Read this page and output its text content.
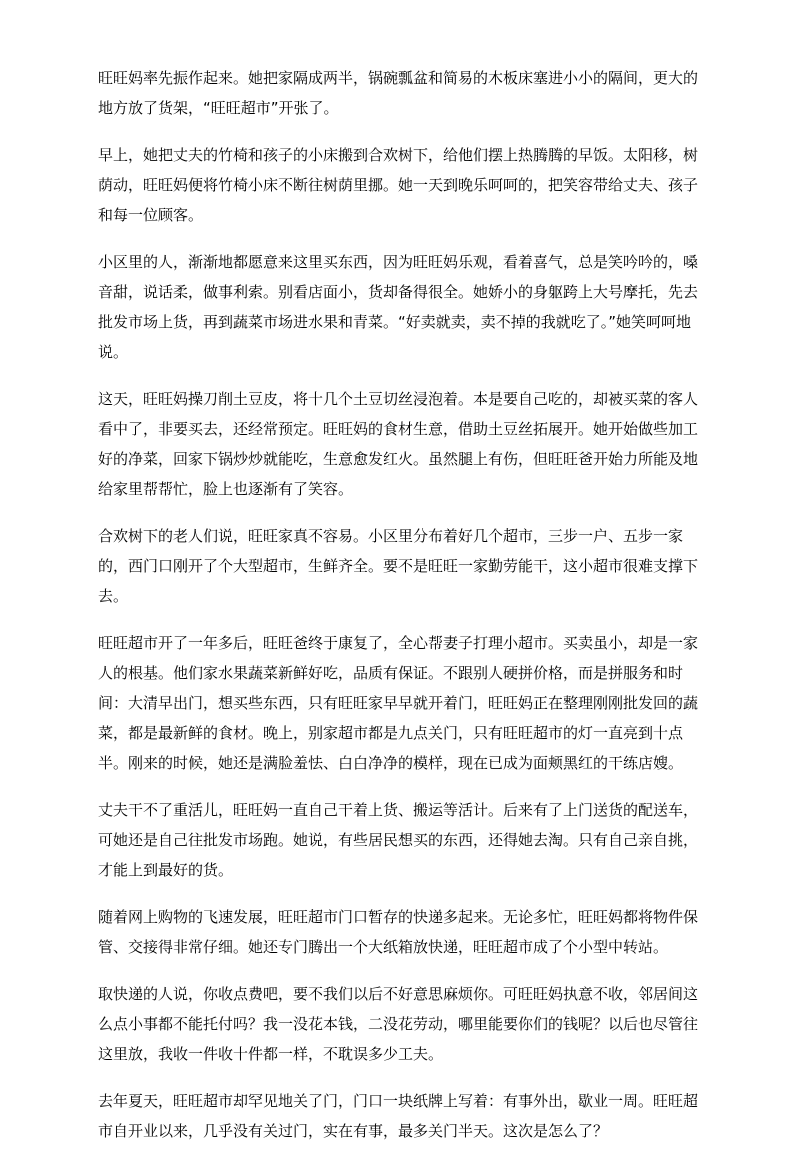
旺旺妈率先振作起来。她把家隔成两半，锅碗瓢盆和简易的木板床塞进小小的隔间，更大的地方放了货架，“旺旺超市”开张了。

早上，她把丈夫的竹椅和孩子的小床搬到合欢树下，给他们摆上热腾腾的早饭。太阳移，树荫动，旺旺妈便将竹椅小床不断往树荫里挪。她一天到晚乐呵呵的，把笑容带给丈夫、孩子和每一位顾客。

小区里的人，渐渐地都愿意来这里买东西，因为旺旺妈乐观，看着喜气，总是笑吟吟的，嗓音甜，说话柔，做事利索。别看店面小，货却备得很全。她娇小的身躯跨上大号摩托，先去批发市场上货，再到蔬菜市场进水果和青菜。“好卖就卖，卖不掉的我就吃了。”她笑呵呵地说。

这天，旺旺妈操刀削土豆皮，将十几个土豆切丝浸泡着。本是要自己吃的，却被买菜的客人看中了，非要买去，还经常预定。旺旺妈的食材生意，借助土豆丝拓展开。她开始做些加工好的净菜，回家下锅炒炒就能吃，生意愈发红火。虽然腿上有伤，但旺旺爸开始力所能及地给家里帮帮忙，脸上也逐渐有了笑容。

合欢树下的老人们说，旺旺家真不容易。小区里分布着好几个超市，三步一户、五步一家的，西门口刚开了个大型超市，生鲜齐全。要不是旺旺一家勤劳能干，这小超市很难支撑下去。

旺旺超市开了一年多后，旺旺爸终于康复了，全心帮妻子打理小超市。买卖虽小，却是一家人的根基。他们家水果蔬菜新鲜好吃，品质有保证。不跟别人硬拼价格，而是拼服务和时间：大清早出门，想买些东西，只有旺旺家早早就开着门，旺旺妈正在整理刚刚批发回的蔬菜，都是最新鲜的食材。晚上，别家超市都是九点关门，只有旺旺超市的灯一直亮到十点半。刚来的时候，她还是满脸羞怯、白白净净的模样，现在已成为面颊黑红的干练店嫂。

丈夫干不了重活儿，旺旺妈一直自己干着上货、搬运等活计。后来有了上门送货的配送车，可她还是自己往批发市场跑。她说，有些居民想买的东西，还得她去淘。只有自己亲自挑，才能上到最好的货。

随着网上购物的飞速发展，旺旺超市门口暂存的快递多起来。无论多忙，旺旺妈都将物件保管、交接得非常仔细。她还专门腾出一个大纸箱放快递，旺旺超市成了个小型中转站。

取快递的人说，你收点费吧，要不我们以后不好意思麻烦你。可旺旺妈执意不收，邻居间这么点小事都不能托付吗？我一没花本钱，二没花劳动，哪里能要你们的钱呢？以后也尽管往这里放，我收一件收十件都一样，不耽误多少工夫。

去年夏天，旺旺超市却罕见地关了门，门口一块纸牌上写着：有事外出，歇业一周。旺旺超市自开业以来，几乎没有关过门，实在有事，最多关门半天。这次是怎么了？
